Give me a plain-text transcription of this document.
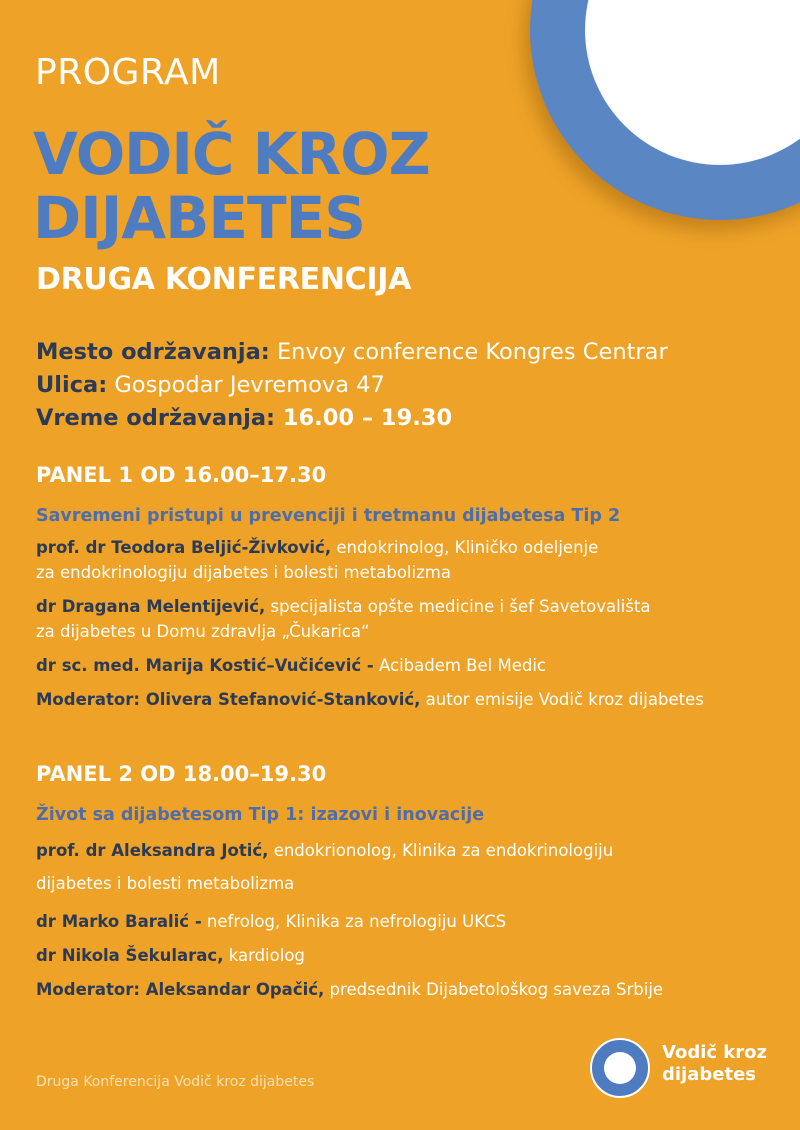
PROGRAM
VODIČ KROZ
DIJABETES
DRUGA KONFERENCIJA
Mesto održavanja: Envoy conference Kongres Centrar
Ulica: Gospodar Jevremova 47
Vreme održavanja: 16.00 – 19.30
PANEL 1 OD 16.00–17.30
Savremeni pristupi u prevenciji i tretmanu dijabetesa Tip 2
prof. dr Teodora Beljić-Živković, endokrinolog, Kliničko odeljenje
za endokrinologiju dijabetes i bolesti metabolizma
dr Dragana Melentijević, specijalista opšte medicine i šef Savetovališta
za dijabetes u Domu zdravlja „Čukarica“
dr sc. med. Marija Kostić–Vučićević - Acibadem Bel Medic
Moderator: Olivera Stefanović-Stanković, autor emisije Vodič kroz dijabetes
PANEL 2 OD 18.00–19.30
Život sa dijabetesom Tip 1: izazovi i inovacije
prof. dr Aleksandra Jotić, endokrionolog, Klinika za endokrinologiju
dijabetes i bolesti metabolizma
dr Marko Baralić - nefrolog, Klinika za nefrologiju UKCS
dr Nikola Šekularac, kardiolog
Moderator: Aleksandar Opačić, predsednik Dijabetološkog saveza Srbije
Druga Konferencija Vodič kroz dijabetes
Vodič kroz
dijabetes
